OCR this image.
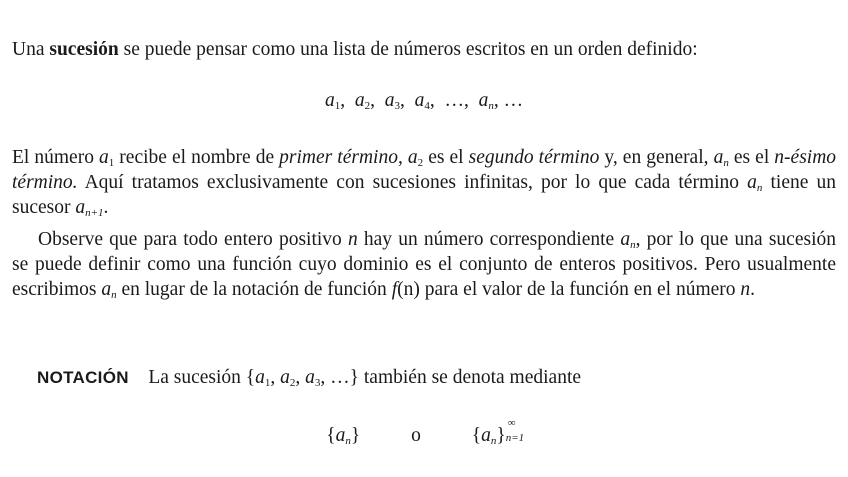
Una sucesión se puede pensar como una lista de números escritos en un orden definido:
$a_1$, $a_2$, $a_3$, $a_4$, …, $a_n$, …
El número $a_1$ recibe el nombre de primer término, $a_2$ es el segundo término y, en general, $a_n$ es el n-ésimo término. Aquí tratamos exclusivamente con sucesiones infinitas, por lo que cada término $a_n$ tiene un sucesor $a_{n+1}$.
Observe que para todo entero positivo n hay un número correspondiente $a_n$, por lo que una sucesión se puede definir como una función cuyo dominio es el conjunto de enteros positivos. Pero usualmente escribimos $a_n$ en lugar de la notación de función f(n) para el valor de la función en el número n.
NOTACIÓN La sucesión {$a_1$, $a_2$, $a_3$, …} también se denota mediante
$\{a_n\}$	o	$\{a_n\}$
∞
n=1
